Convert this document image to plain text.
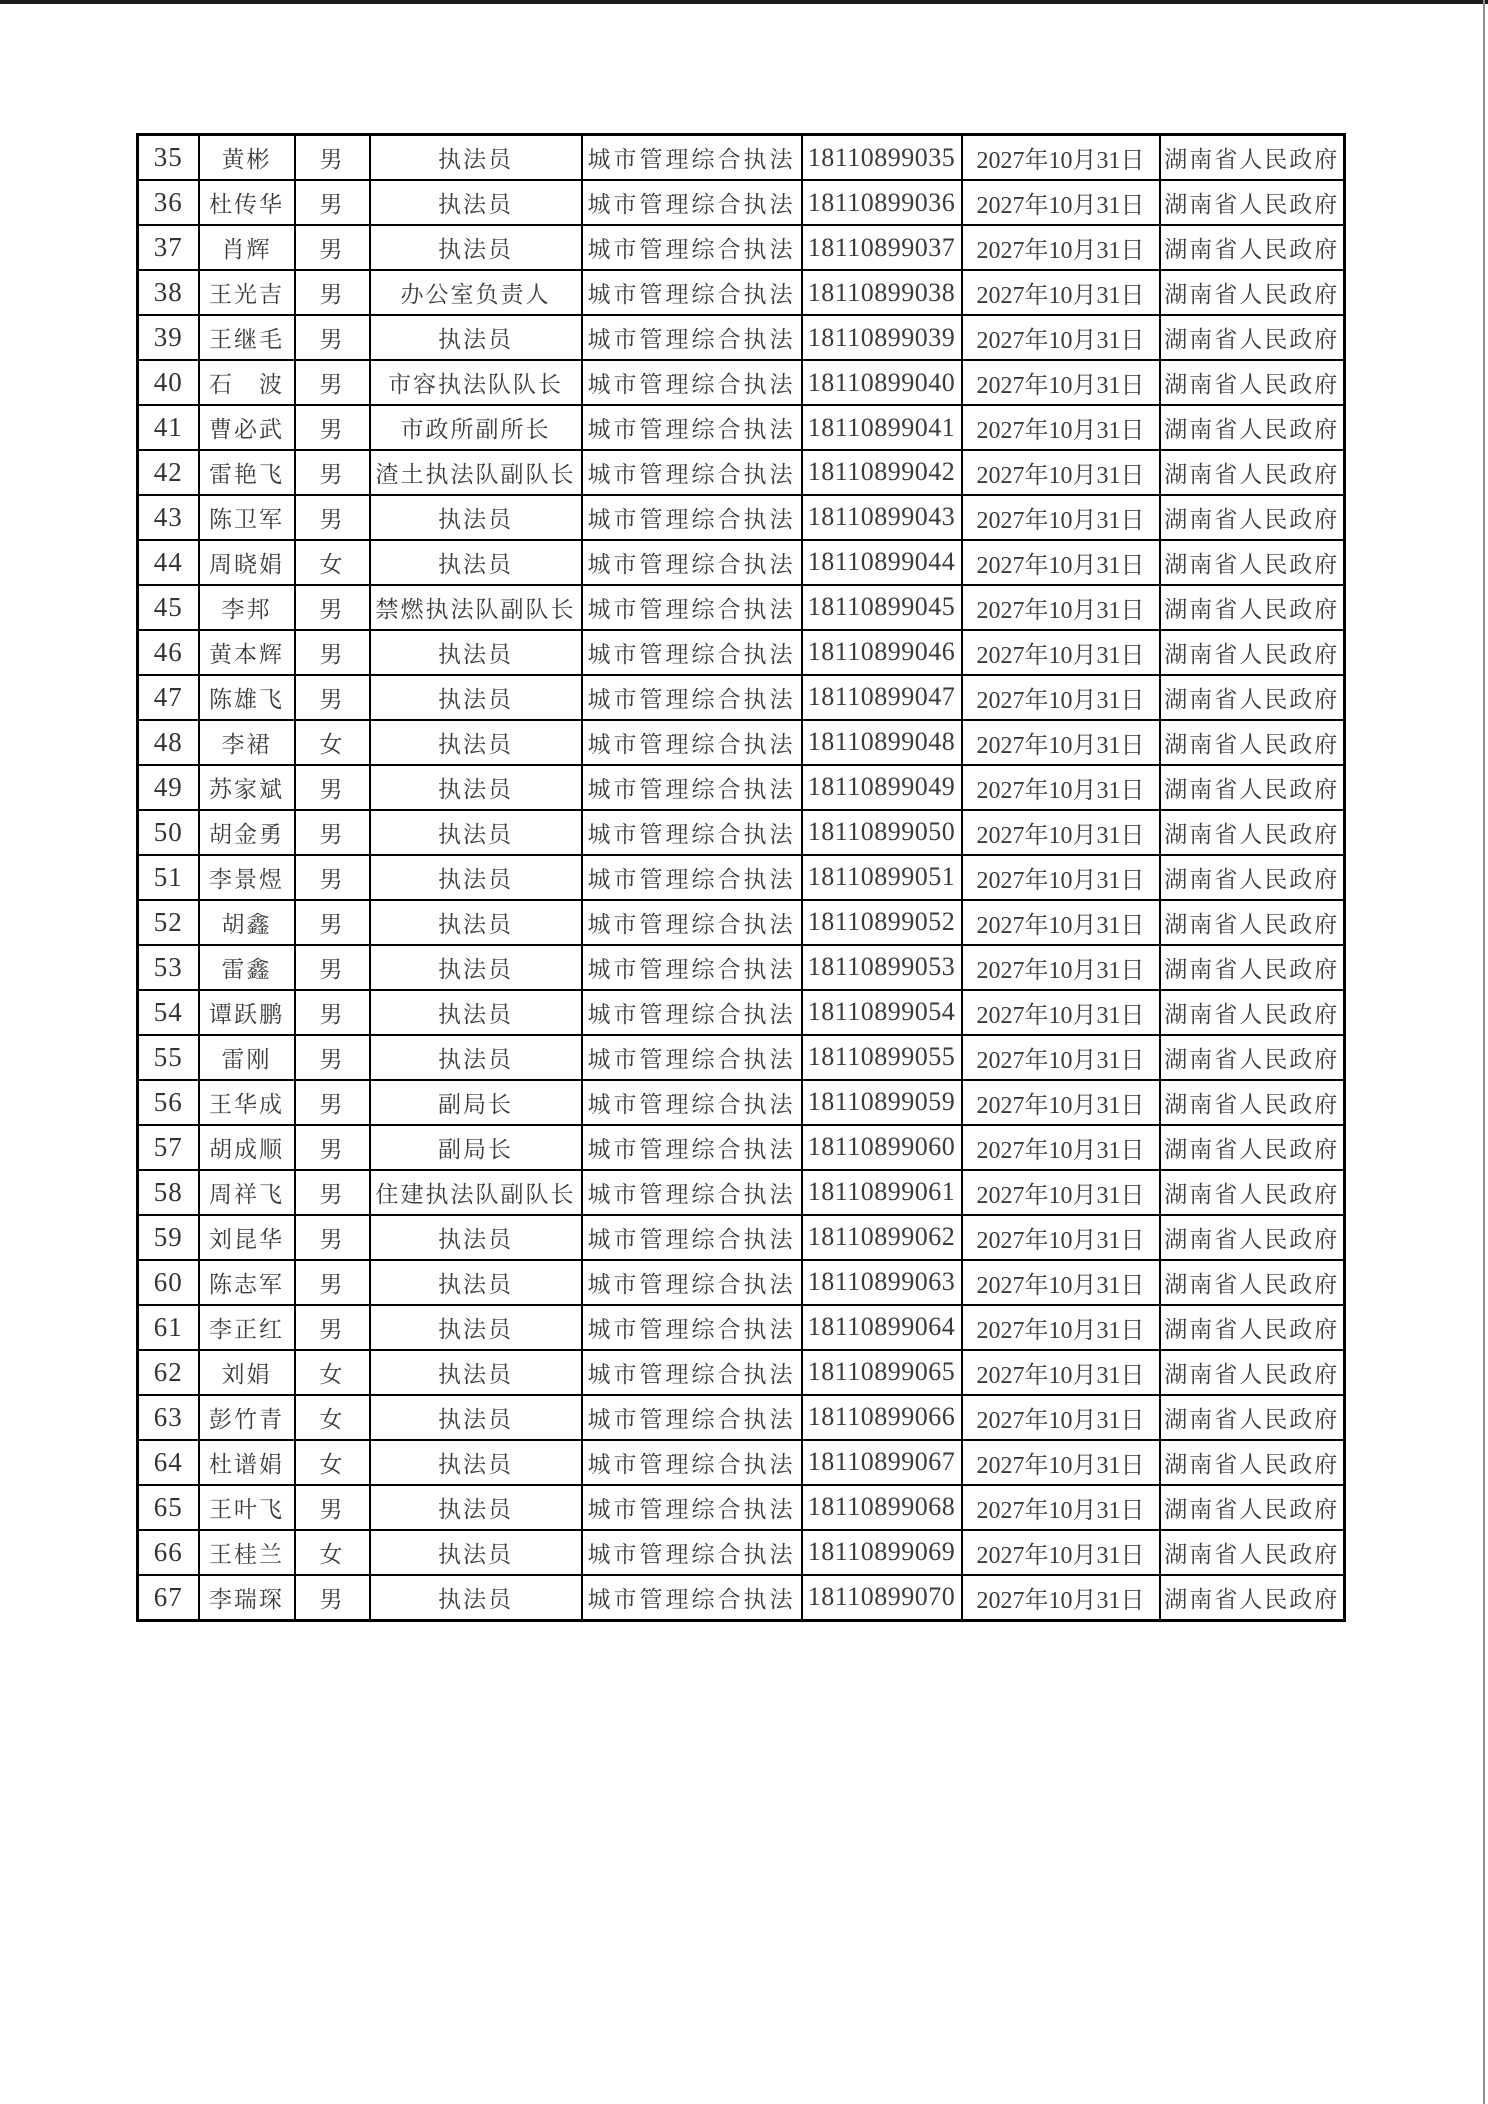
35	黄彬	男	执法员	城市管理综合执法	18110899035	2027年10月31日	湖南省人民政府
36	杜传华	男	执法员	城市管理综合执法	18110899036	2027年10月31日	湖南省人民政府
37	肖辉	男	执法员	城市管理综合执法	18110899037	2027年10月31日	湖南省人民政府
38	王光吉	男	办公室负责人	城市管理综合执法	18110899038	2027年10月31日	湖南省人民政府
39	王继毛	男	执法员	城市管理综合执法	18110899039	2027年10月31日	湖南省人民政府
40	石　波	男	市容执法队队长	城市管理综合执法	18110899040	2027年10月31日	湖南省人民政府
41	曹必武	男	市政所副所长	城市管理综合执法	18110899041	2027年10月31日	湖南省人民政府
42	雷艳飞	男	渣土执法队副队长	城市管理综合执法	18110899042	2027年10月31日	湖南省人民政府
43	陈卫军	男	执法员	城市管理综合执法	18110899043	2027年10月31日	湖南省人民政府
44	周晓娟	女	执法员	城市管理综合执法	18110899044	2027年10月31日	湖南省人民政府
45	李邦	男	禁燃执法队副队长	城市管理综合执法	18110899045	2027年10月31日	湖南省人民政府
46	黄本辉	男	执法员	城市管理综合执法	18110899046	2027年10月31日	湖南省人民政府
47	陈雄飞	男	执法员	城市管理综合执法	18110899047	2027年10月31日	湖南省人民政府
48	李裙	女	执法员	城市管理综合执法	18110899048	2027年10月31日	湖南省人民政府
49	苏家斌	男	执法员	城市管理综合执法	18110899049	2027年10月31日	湖南省人民政府
50	胡金勇	男	执法员	城市管理综合执法	18110899050	2027年10月31日	湖南省人民政府
51	李景煜	男	执法员	城市管理综合执法	18110899051	2027年10月31日	湖南省人民政府
52	胡鑫	男	执法员	城市管理综合执法	18110899052	2027年10月31日	湖南省人民政府
53	雷鑫	男	执法员	城市管理综合执法	18110899053	2027年10月31日	湖南省人民政府
54	谭跃鹏	男	执法员	城市管理综合执法	18110899054	2027年10月31日	湖南省人民政府
55	雷刚	男	执法员	城市管理综合执法	18110899055	2027年10月31日	湖南省人民政府
56	王华成	男	副局长	城市管理综合执法	18110899059	2027年10月31日	湖南省人民政府
57	胡成顺	男	副局长	城市管理综合执法	18110899060	2027年10月31日	湖南省人民政府
58	周祥飞	男	住建执法队副队长	城市管理综合执法	18110899061	2027年10月31日	湖南省人民政府
59	刘昆华	男	执法员	城市管理综合执法	18110899062	2027年10月31日	湖南省人民政府
60	陈志军	男	执法员	城市管理综合执法	18110899063	2027年10月31日	湖南省人民政府
61	李正红	男	执法员	城市管理综合执法	18110899064	2027年10月31日	湖南省人民政府
62	刘娟	女	执法员	城市管理综合执法	18110899065	2027年10月31日	湖南省人民政府
63	彭竹青	女	执法员	城市管理综合执法	18110899066	2027年10月31日	湖南省人民政府
64	杜谱娟	女	执法员	城市管理综合执法	18110899067	2027年10月31日	湖南省人民政府
65	王叶飞	男	执法员	城市管理综合执法	18110899068	2027年10月31日	湖南省人民政府
66	王桂兰	女	执法员	城市管理综合执法	18110899069	2027年10月31日	湖南省人民政府
67	李瑞琛	男	执法员	城市管理综合执法	18110899070	2027年10月31日	湖南省人民政府
